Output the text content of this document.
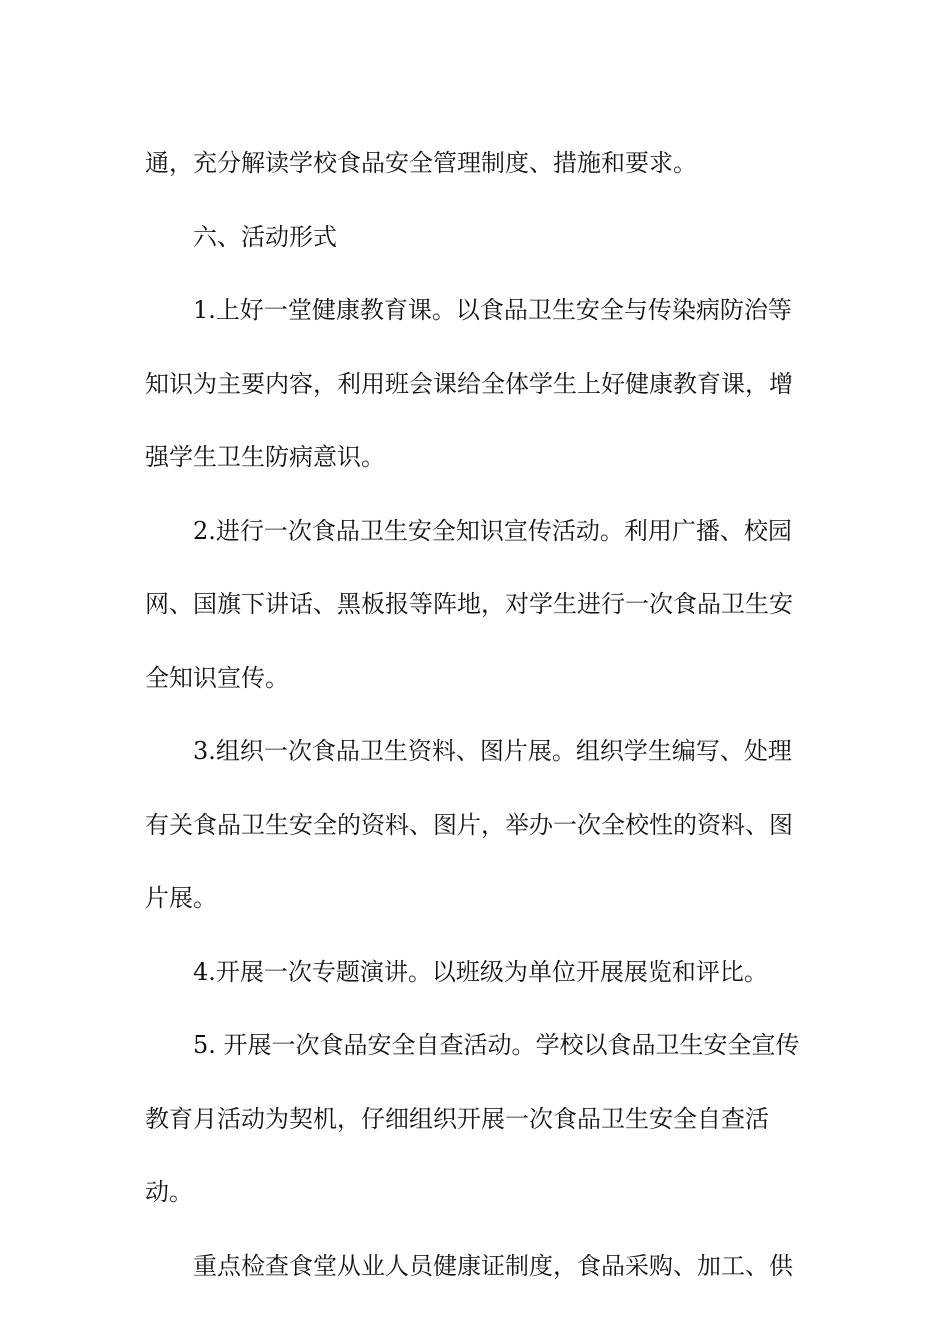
通，充分解读学校食品安全管理制度、措施和要求。

六、活动形式

1.上好一堂健康教育课。以食品卫生安全与传染病防治等知识为主要内容，利用班会课给全体学生上好健康教育课，增强学生卫生防病意识。

2.进行一次食品卫生安全知识宣传活动。利用广播、校园网、国旗下讲话、黑板报等阵地，对学生进行一次食品卫生安全知识宣传。

3.组织一次食品卫生资料、图片展。组织学生编写、处理有关食品卫生安全的资料、图片，举办一次全校性的资料、图片展。

4.开展一次专题演讲。以班级为单位开展展览和评比。

5. 开展一次食品安全自查活动。学校以食品卫生安全宣传教育月活动为契机，仔细组织开展一次食品卫生安全自查活动。

重点检查食堂从业人员健康证制度，食品采购、加工、供
